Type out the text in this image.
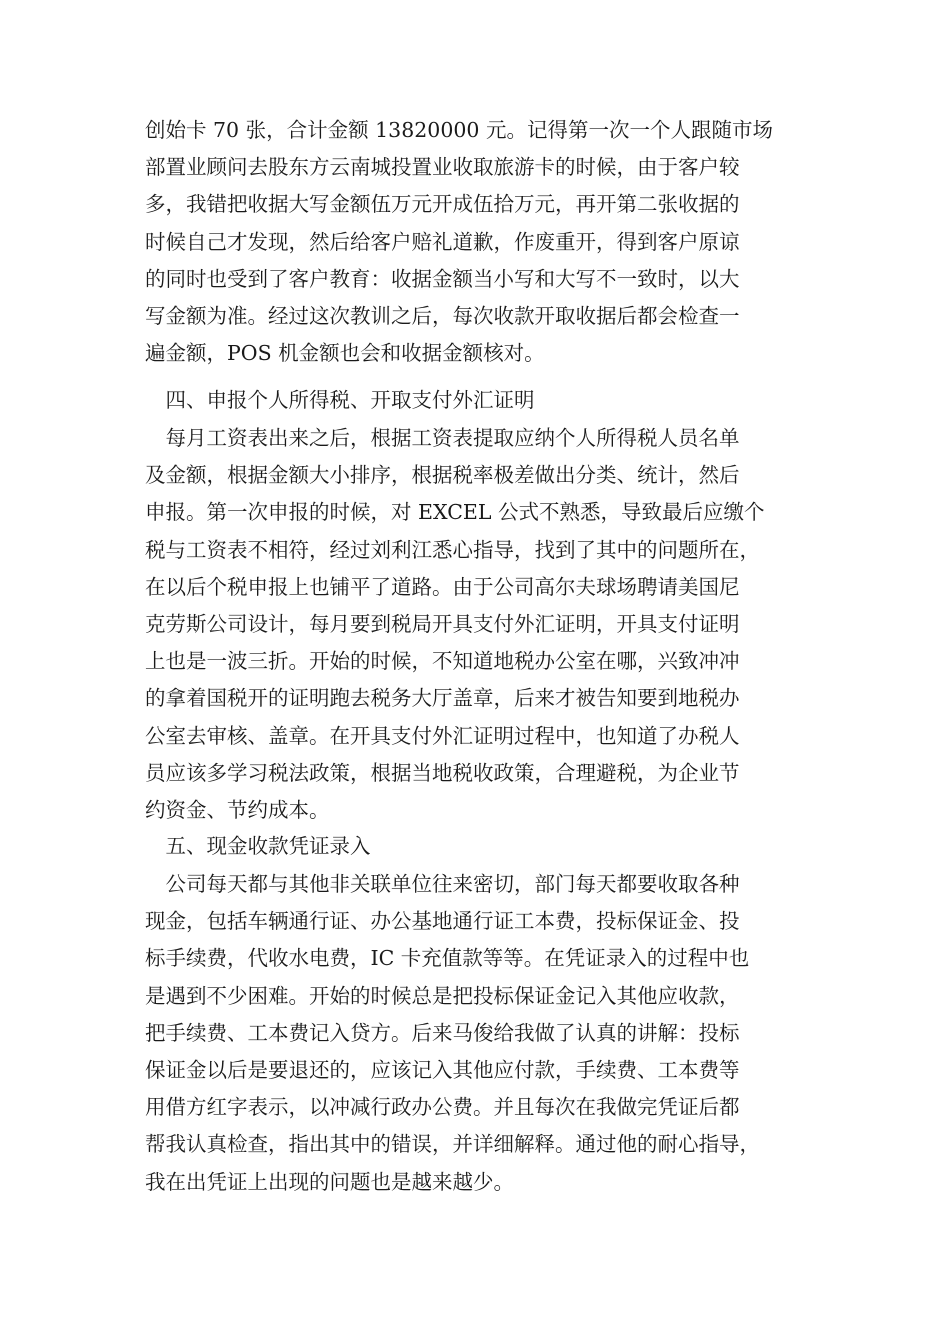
创始卡 70 张，合计金额 13820000 元。记得第一次一个人跟随市场
部置业顾问去股东方云南城投置业收取旅游卡的时候，由于客户较
多，我错把收据大写金额伍万元开成伍拾万元，再开第二张收据的
时候自己才发现，然后给客户赔礼道歉，作废重开，得到客户原谅
的同时也受到了客户教育：收据金额当小写和大写不一致时，以大
写金额为准。经过这次教训之后，每次收款开取收据后都会检查一
遍金额，POS 机金额也会和收据金额核对。
　四、申报个人所得税、开取支付外汇证明
　每月工资表出来之后，根据工资表提取应纳个人所得税人员名单
及金额，根据金额大小排序，根据税率极差做出分类、统计，然后
申报。第一次申报的时候，对 EXCEL 公式不熟悉，导致最后应缴个
税与工资表不相符，经过刘利江悉心指导，找到了其中的问题所在，
在以后个税申报上也铺平了道路。由于公司高尔夫球场聘请美国尼
克劳斯公司设计，每月要到税局开具支付外汇证明，开具支付证明
上也是一波三折。开始的时候，不知道地税办公室在哪，兴致冲冲
的拿着国税开的证明跑去税务大厅盖章，后来才被告知要到地税办
公室去审核、盖章。在开具支付外汇证明过程中，也知道了办税人
员应该多学习税法政策，根据当地税收政策，合理避税，为企业节
约资金、节约成本。
　五、现金收款凭证录入
　公司每天都与其他非关联单位往来密切，部门每天都要收取各种
现金，包括车辆通行证、办公基地通行证工本费，投标保证金、投
标手续费，代收水电费，IC 卡充值款等等。在凭证录入的过程中也
是遇到不少困难。开始的时候总是把投标保证金记入其他应收款，
把手续费、工本费记入贷方。后来马俊给我做了认真的讲解：投标
保证金以后是要退还的，应该记入其他应付款，手续费、工本费等
用借方红字表示，以冲减行政办公费。并且每次在我做完凭证后都
帮我认真检查，指出其中的错误，并详细解释。通过他的耐心指导，
我在出凭证上出现的问题也是越来越少。
